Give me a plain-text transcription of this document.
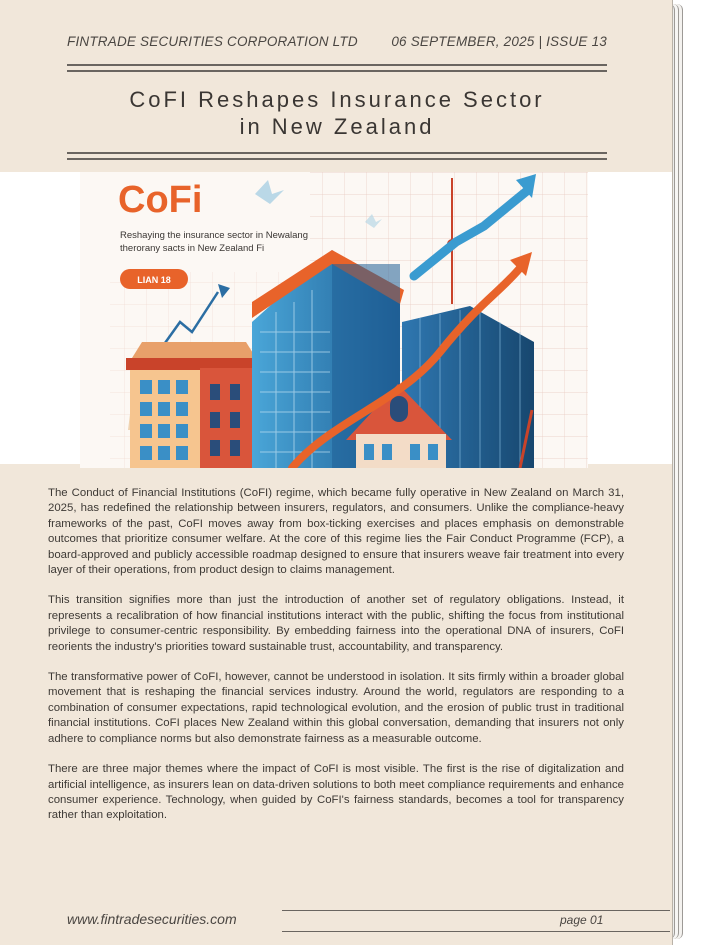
FINTRADE SECURITIES CORPORATION LTD 06 SEPTEMBER, 2025 | ISSUE 13
CoFI Reshapes Insurance Sector
in New Zealand
CoFi
Reshaying the insurance sector in Newalang
therorany sacts in New Zealand Fi
LIAN 18

The Conduct of Financial Institutions (CoFI) regime, which became fully operative in New Zealand on March 31, 2025, has redefined the relationship between insurers, regulators, and consumers. Unlike the compliance-heavy frameworks of the past, CoFI moves away from box-ticking exercises and places emphasis on demonstrable outcomes that prioritize consumer welfare. At the core of this regime lies the Fair Conduct Programme (FCP), a board-approved and publicly accessible roadmap designed to ensure that insurers weave fair treatment into every layer of their operations, from product design to claims management.

This transition signifies more than just the introduction of another set of regulatory obligations. Instead, it represents a recalibration of how financial institutions interact with the public, shifting the focus from institutional privilege to consumer-centric responsibility. By embedding fairness into the operational DNA of insurers, CoFI reorients the industry's priorities toward sustainable trust, accountability, and transparency.

The transformative power of CoFI, however, cannot be understood in isolation. It sits firmly within a broader global movement that is reshaping the financial services industry. Around the world, regulators are responding to a combination of consumer expectations, rapid technological evolution, and the erosion of public trust in traditional financial institutions. CoFI places New Zealand within this global conversation, demanding that insurers not only adhere to compliance norms but also demonstrate fairness as a measurable outcome.

There are three major themes where the impact of CoFI is most visible. The first is the rise of digitalization and artificial intelligence, as insurers lean on data-driven solutions to both meet compliance requirements and enhance consumer experience. Technology, when guided by CoFI's fairness standards, becomes a tool for transparency rather than exploitation.

www.fintradesecurities.com	page 01
